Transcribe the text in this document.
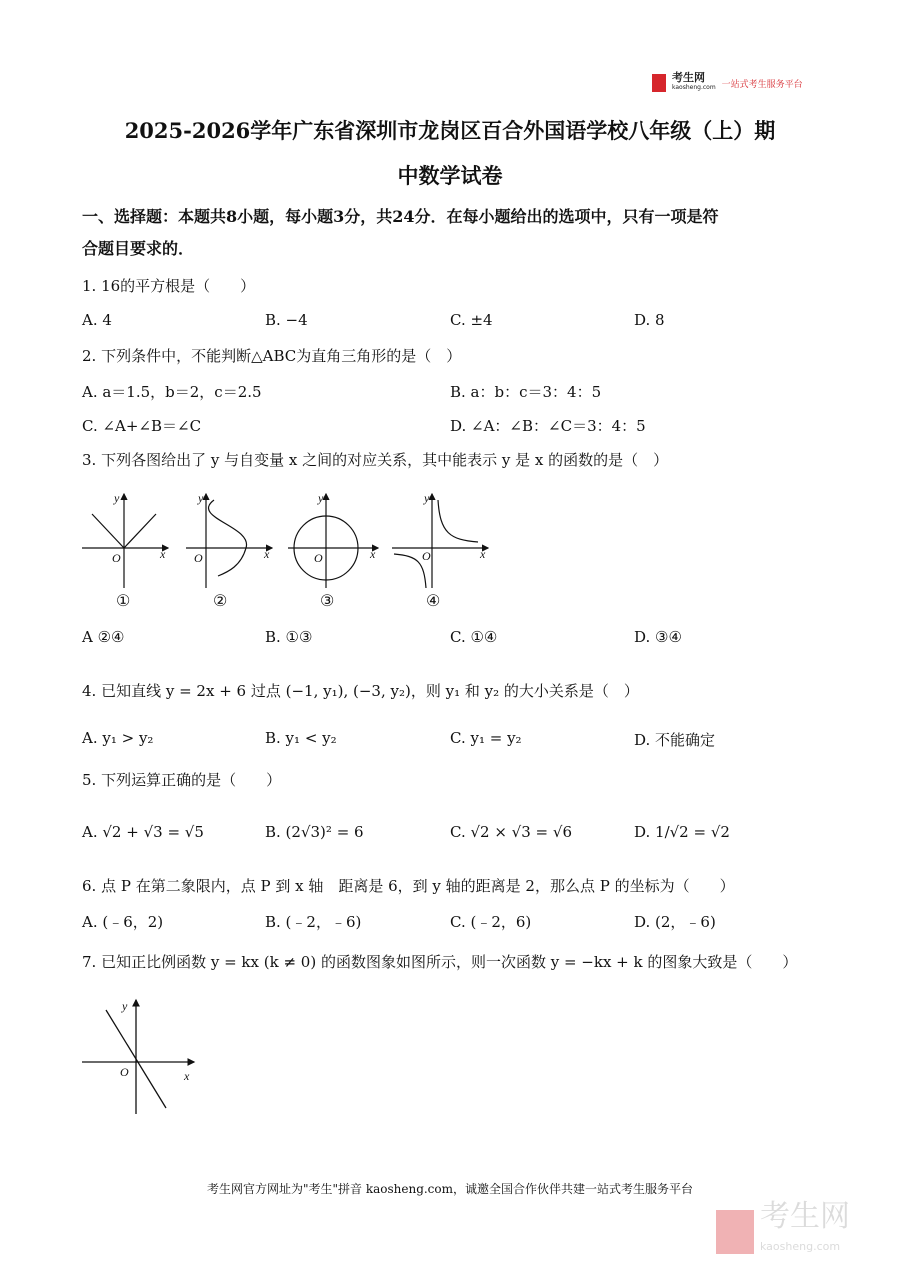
考生网
kaosheng.com 一站式考生服务平台
2025-2026学年广东省深圳市龙岗区百合外国语学校八年级（上）期
中数学试卷
一、选择题：本题共8小题，每小题3分，共24分．在每小题给出的选项中，只有一项是符
合题目要求的．
1. 16的平方根是（　　）
A. 4	B. −4	C. ±4	D. 8
2. 下列条件中，不能判断△ABC为直角三角形的是（　）
A. a＝1.5，b＝2，c＝2.5	B. a：b：c＝3：4：5
C. ∠A+∠B＝∠C	D. ∠A：∠B：∠C＝3：4：5
3. 下列各图给出了 y 与自变量 x 之间的对应关系，其中能表示 y 是 x 的函数的是（　）
y
x
O
y
x
O
y
x
O
y
x
O
①	②	③	④
A ②④	B. ①③	C. ①④	D. ③④
4. 已知直线 y = 2x + 6 过点 (−1, y₁), (−3, y₂)，则 y₁ 和 y₂ 的大小关系是（　）
A. y₁ > y₂	B. y₁ < y₂	C. y₁ = y₂	D. 不能确定
5. 下列运算正确的是（　　）
A. √2 + √3 = √5	B. (2√3)² = 6	C. √2 × √3 = √6	D. 1/√2 = √2
6. 点 P 在第二象限内，点 P 到 x 轴　距离是 6，到 y 轴的距离是 2，那么点 P 的坐标为（　　）
A. (﹣6，2)	B. (﹣2，﹣6)	C. (﹣2，6)	D. (2，﹣6)
7. 已知正比例函数 y = kx (k ≠ 0) 的函数图象如图所示，则一次函数 y = −kx + k 的图象大致是（　　）
y
x
O
考生网官方网址为"考生"拼音 kaosheng.com，诚邀全国合作伙伴共建一站式考生服务平台
考生网
kaosheng.com
